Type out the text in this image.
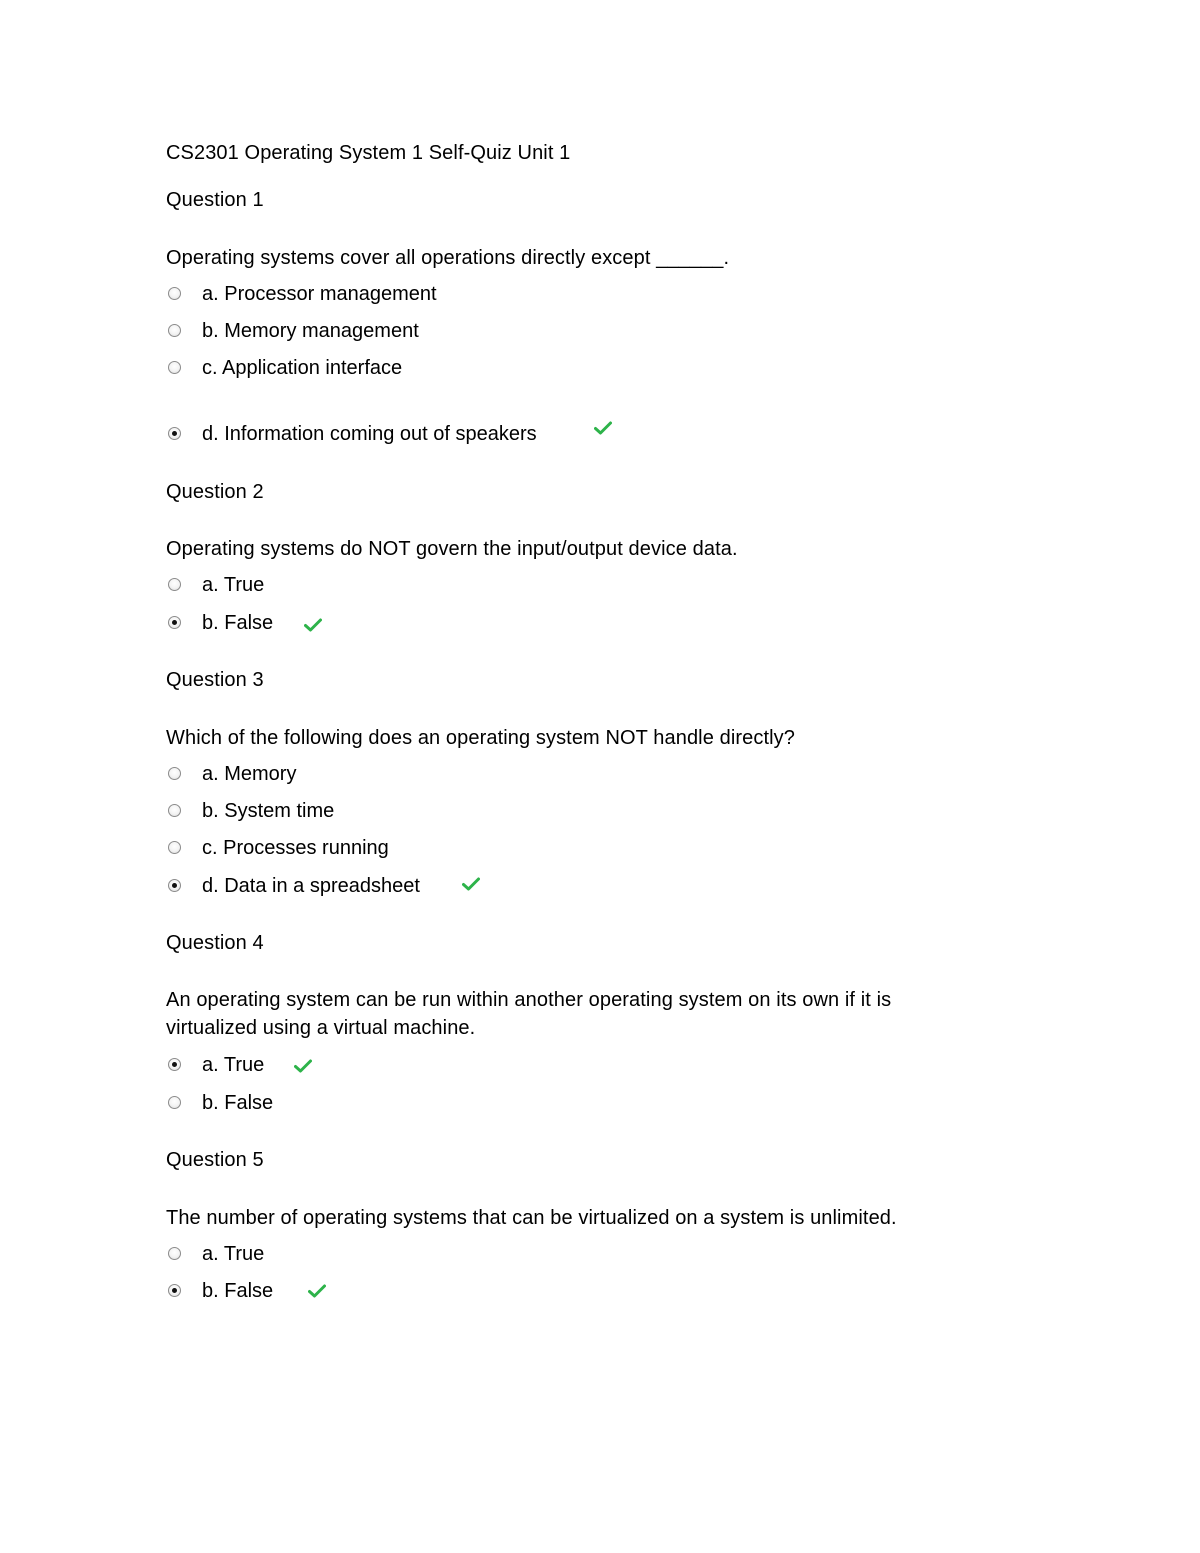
CS2301 Operating System 1 Self-Quiz Unit 1
Question 1
Operating systems cover all operations directly except ______.
a. Processor management
b. Memory management
c. Application interface
d. Information coming out of speakers
Question 2
Operating systems do NOT govern the input/output device data.
a. True
b. False
Question 3
Which of the following does an operating system NOT handle directly?
a. Memory
b. System time
c. Processes running
d. Data in a spreadsheet
Question 4
An operating system can be run within another operating system on its own if it is virtualized using a virtual machine.
a. True
b. False
Question 5
The number of operating systems that can be virtualized on a system is unlimited.
a. True
b. False
